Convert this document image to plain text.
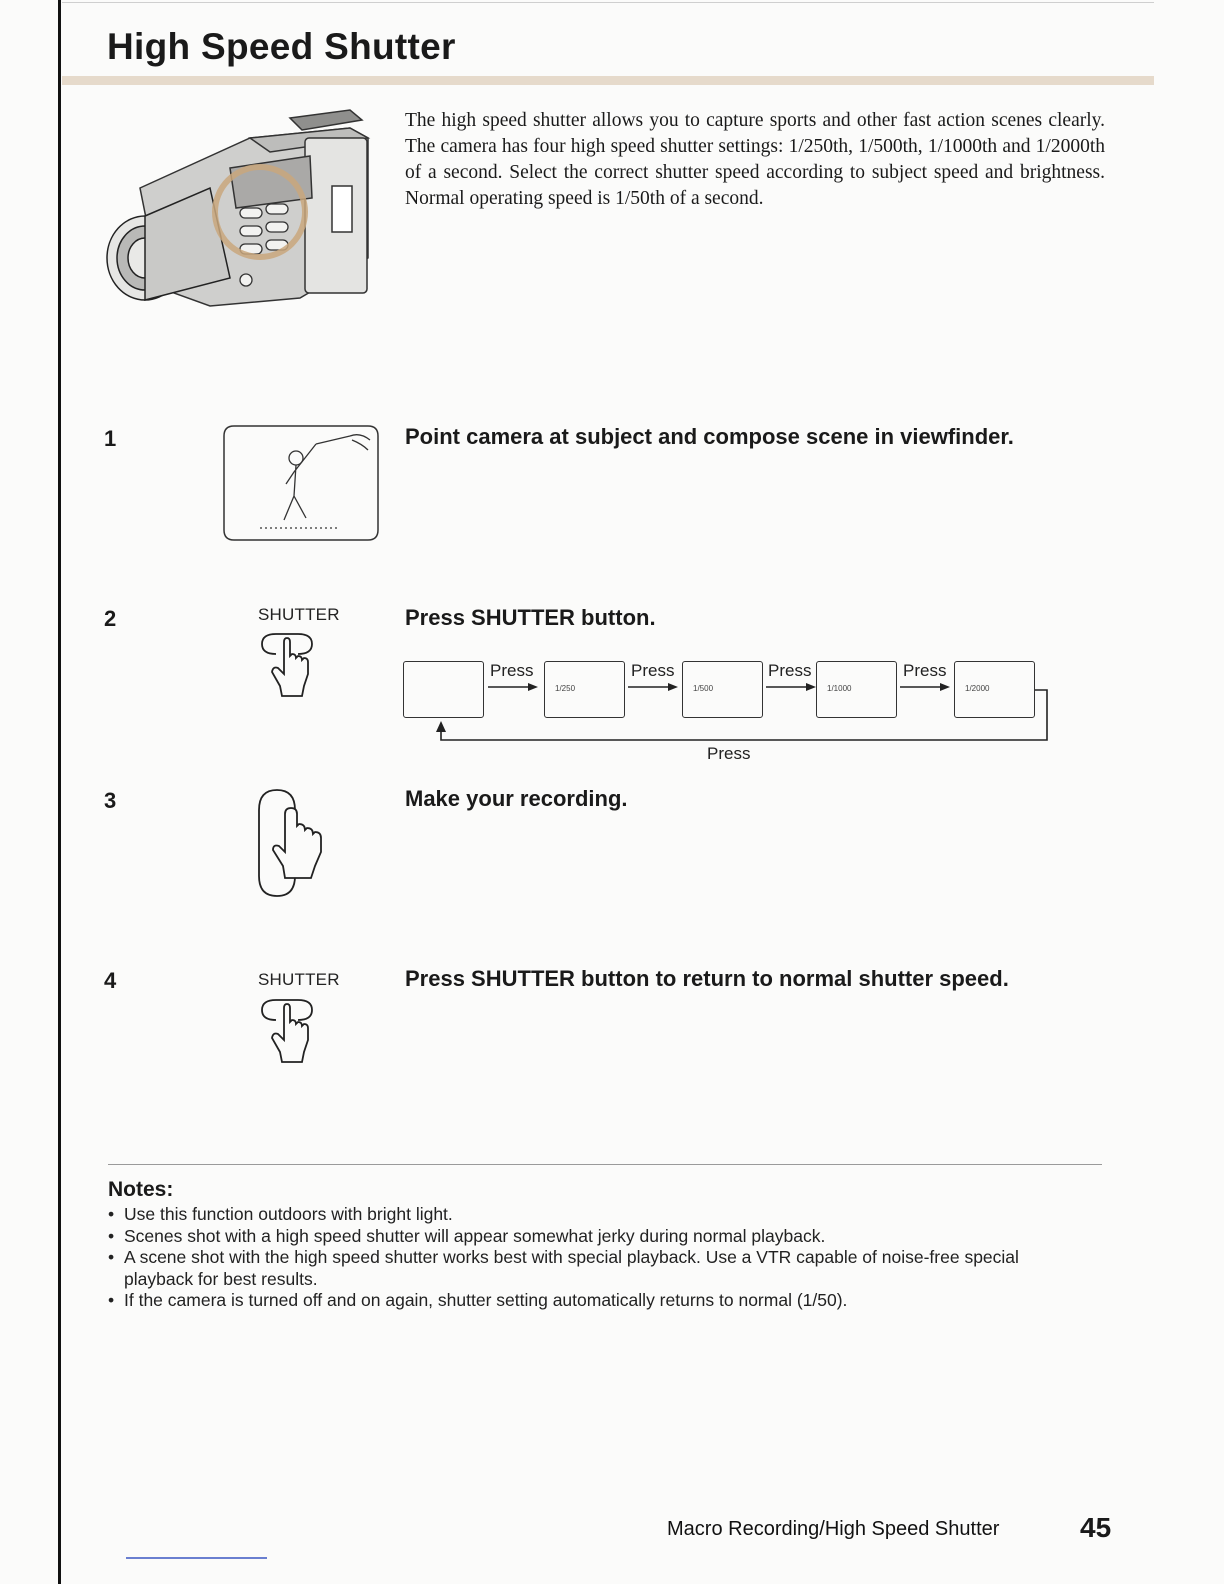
High Speed Shutter

The high speed shutter allows you to capture sports and other fast action scenes clearly. The camera has four high speed shutter settings: 1/250th, 1/500th, 1/1000th and 1/2000th of a second. Select the correct shutter speed according to subject speed and brightness. Normal operating speed is 1/50th of a second.

1	Point camera at subject and compose scene in viewfinder.

2	SHUTTER	Press SHUTTER button.

Press
1/250
Press
1/500
Press
1/1000
Press
1/2000
Press
3	Make your recording.

4	SHUTTER	Press SHUTTER button to return to normal shutter speed.

Notes:
• Use this function outdoors with bright light.
• Scenes shot with a high speed shutter will appear somewhat jerky during normal playback.
• A scene shot with the high speed shutter works best with special playback. Use a VTR capable of noise-free special playback for best results.
• If the camera is turned off and on again, shutter setting automatically returns to normal (1/50).
Macro Recording/High Speed Shutter	45
